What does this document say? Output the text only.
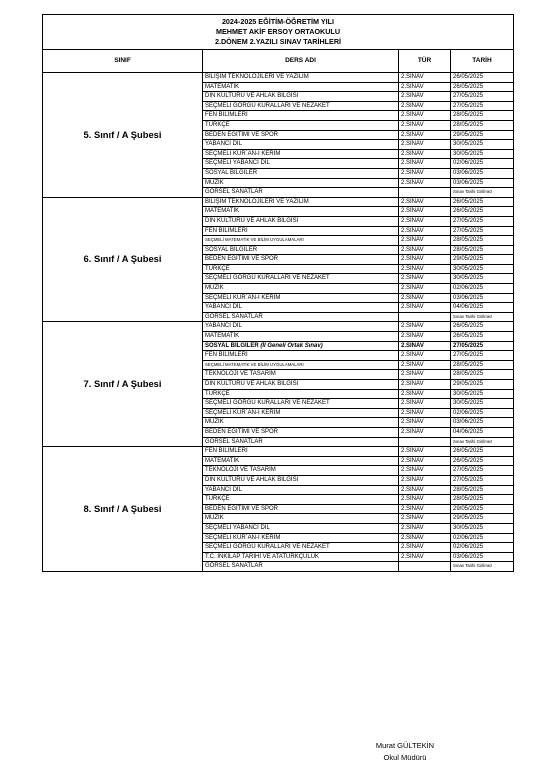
2024-2025 EĞİTİM-ÖĞRETİM YILI
MEHMET AKİF ERSOY ORTAOKULU
2.DÖNEM 2.YAZILI SINAV TARİHLERİ			

SINIF	DERS ADI	TÜR	TARİH
5. Sınıf / A Şubesi	BİLİŞİM TEKNOLOJİLERİ VE YAZILIM	2.SINAV	26/05/2025
	MATEMATİK	2.SINAV	26/05/2025
	DİN KÜLTÜRÜ VE AHLAK BİLGİSİ	2.SINAV	27/05/2025
	SEÇMELİ GÖRGÜ KURALLARI VE NEZAKET	2.SINAV	27/05/2025
	FEN BİLİMLERİ	2.SINAV	28/05/2025
	TÜRKÇE	2.SINAV	28/05/2025
	BEDEN EĞİTİMİ VE SPOR	2.SINAV	29/05/2025
	YABANCI DİL	2.SINAV	30/05/2025
	SEÇMELİ KUR`AN-I KERİM	2.SINAV	30/05/2025
	SEÇMELİ YABANCI DİL	2.SINAV	02/06/2025
	SOSYAL BİLGİLER	2.SINAV	03/06/2025
	MÜZİK	2.SINAV	03/06/2025
	GÖRSEL SANATLAR		Sınav Tarihi Girilmez
6. Sınıf / A Şubesi	BİLİŞİM TEKNOLOJİLERİ VE YAZILIM	2.SINAV	26/05/2025
	MATEMATİK	2.SINAV	26/05/2025
	DİN KÜLTÜRÜ VE AHLAK BİLGİSİ	2.SINAV	27/05/2025
	FEN BİLİMLERİ	2.SINAV	27/05/2025
	SEÇMELİ MATEMATİK VE BİLİM UYGULAMALARI	2.SINAV	28/05/2025
	SOSYAL BİLGİLER	2.SINAV	28/05/2025
	BEDEN EĞİTİMİ VE SPOR	2.SINAV	29/05/2025
	TÜRKÇE	2.SINAV	30/05/2025
	SEÇMELİ GÖRGÜ KURALLARI VE NEZAKET	2.SINAV	30/05/2025
	MÜZİK	2.SINAV	02/06/2025
	SEÇMELİ KUR`AN-I KERİM	2.SINAV	03/06/2025
	YABANCI DİL	2.SINAV	04/06/2025
	GÖRSEL SANATLAR		Sınav Tarihi Girilmez
7. Sınıf / A Şubesi	YABANCI DİL	2.SINAV	26/05/2025
	MATEMATİK	2.SINAV	26/05/2025
	SOSYAL BİLGİLER (İl Geneli Ortak Sınav)	2.SINAV	27/05/2025
	FEN BİLİMLERİ	2.SINAV	27/05/2025
	SEÇMELİ MATEMATİK VE BİLİM UYGULAMALARI	2.SINAV	28/05/2025
	TEKNOLOJİ VE TASARIM	2.SINAV	28/05/2025
	DİN KÜLTÜRÜ VE AHLAK BİLGİSİ	2.SINAV	29/05/2025
	TÜRKÇE	2.SINAV	30/05/2025
	SEÇMELİ GÖRGÜ KURALLARI VE NEZAKET	2.SINAV	30/05/2025
	SEÇMELİ KUR`AN-I KERİM	2.SINAV	02/06/2025
	MÜZİK	2.SINAV	03/06/2025
	BEDEN EĞİTİMİ VE SPOR	2.SINAV	04/06/2025
	GÖRSEL SANATLAR		Sınav Tarihi Girilmez
8. Sınıf / A Şubesi	FEN BİLİMLERİ	2.SINAV	26/05/2025
	MATEMATİK	2.SINAV	26/05/2025
	TEKNOLOJİ VE TASARIM	2.SINAV	27/05/2025
	DİN KÜLTÜRÜ VE AHLAK BİLGİSİ	2.SINAV	27/05/2025
	YABANCI DİL	2.SINAV	28/05/2025
	TÜRKÇE	2.SINAV	28/05/2025
	BEDEN EĞİTİMİ VE SPOR	2.SINAV	29/05/2025
	MÜZİK	2.SINAV	29/05/2025
	SEÇMELİ YABANCI DİL	2.SINAV	30/05/2025
	SEÇMELİ KUR`AN-I KERİM	2.SINAV	02/06/2025
	SEÇMELİ GÖRGÜ KURALLARI VE NEZAKET	2.SINAV	02/06/2025
	T.C. İNKILAP TARİHİ VE ATATÜRKÇÜLÜK	2.SINAV	03/06/2025
	GÖRSEL SANATLAR		Sınav Tarihi Girilmez
Murat GÜLTEKİN
Okul Müdürü
